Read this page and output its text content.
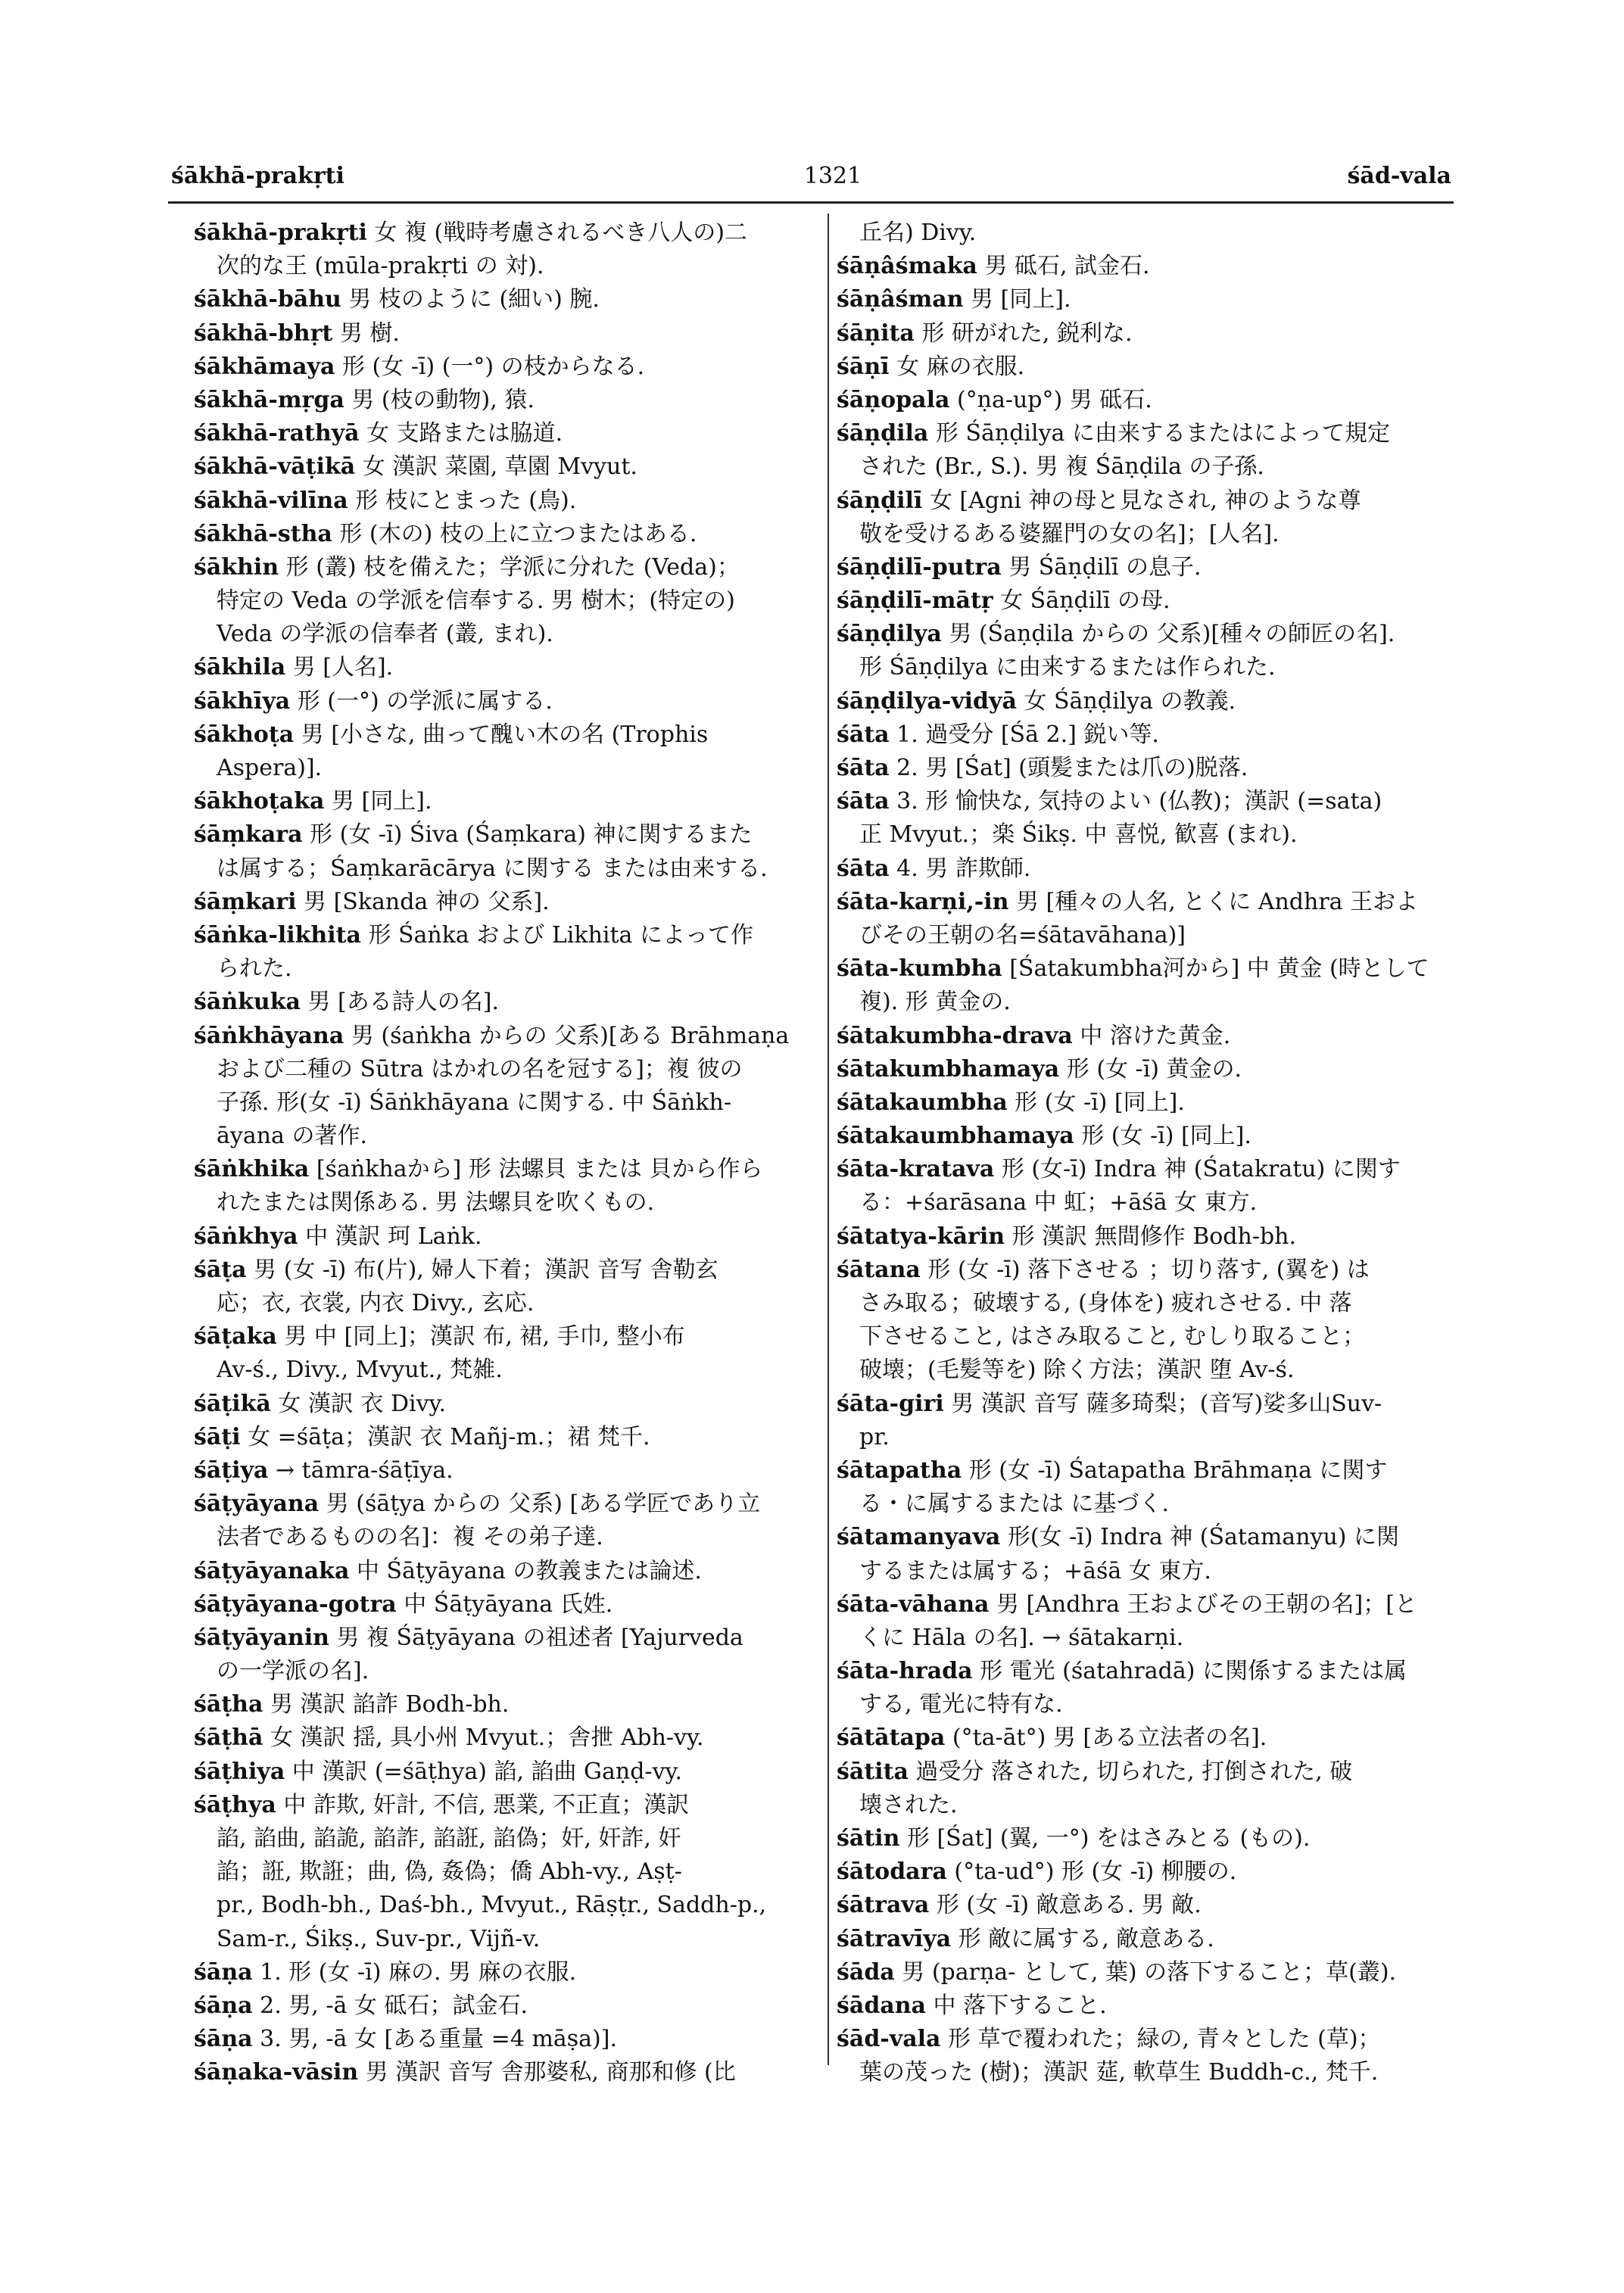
śākhā-prakṛti	1321	śād-vala
śākhā-prakṛti 女 複 (戦時考慮されるべき八人の)二
次的な王 (mūla-prakṛti の 対).
śākhā-bāhu 男 枝のように (細い) 腕.
śākhā-bhṛt 男 樹.
śākhāmaya 形 (女 -ī) (一°) の枝からなる.
śākhā-mṛga 男 (枝の動物), 猿.
śākhā-rathyā 女 支路または脇道.
śākhā-vāṭikā 女 漢訳 菜園, 草園 Mvyut.
śākhā-vilīna 形 枝にとまった (鳥).
śākhā-stha 形 (木の) 枝の上に立つまたはある.
śākhin 形 (叢) 枝を備えた；学派に分れた (Veda)；
特定の Veda の学派を信奉する. 男 樹木；(特定の)
Veda の学派の信奉者 (叢, まれ).
śākhila 男 [人名].
śākhīya 形 (一°) の学派に属する.
śākhoṭa 男 [小さな, 曲って醜い木の名 (Trophis
Aspera)].
śākhoṭaka 男 [同上].
śāṃkara 形 (女 -ī) Śiva (Śaṃkara) 神に関するまた
は属する；Śaṃkarācārya に関する または由来する.
śāṃkari 男 [Skanda 神の 父系].
śāṅka-likhita 形 Śaṅka および Likhita によって作
られた.
śāṅkuka 男 [ある詩人の名].
śāṅkhāyana 男 (śaṅkha からの 父系)[ある Brāhmaṇa
および二種の Sūtra はかれの名を冠する]；複 彼の
子孫. 形(女 -ī) Śāṅkhāyana に関する. 中 Śāṅkh-
āyana の著作.
śāṅkhika [śaṅkhaから] 形 法螺貝 または 貝から作ら
れたまたは関係ある. 男 法螺貝を吹くもの.
śāṅkhya 中 漢訳 珂 Laṅk.
śāṭa 男 (女 -ī) 布(片), 婦人下着；漢訳 音写 舎勒玄
応；衣, 衣裳, 内衣 Divy., 玄応.
śāṭaka 男 中 [同上]；漢訳 布, 裙, 手巾, 整小布
Av-ś., Divy., Mvyut., 梵雑.
śāṭikā 女 漢訳 衣 Divy.
śāṭi 女 =śāṭa；漢訳 衣 Mañj-m.；裙 梵千.
śāṭiya → tāmra-śāṭīya.
śāṭyāyana 男 (śāṭya からの 父系) [ある学匠であり立
法者であるものの名]：複 その弟子達.
śāṭyāyanaka 中 Śāṭyāyana の教義または論述.
śāṭyāyana-gotra 中 Śāṭyāyana 氏姓.
śāṭyāyanin 男 複 Śāṭyāyana の祖述者 [Yajurveda
の一学派の名].
śāṭha 男 漢訳 諂詐 Bodh-bh.
śāṭhā 女 漢訳 揺, 具小州 Mvyut.；舎抴 Abh-vy.
śāṭhiya 中 漢訳 (=śāṭhya) 諂, 諂曲 Gaṇḍ-vy.
śāṭhya 中 詐欺, 奸計, 不信, 悪業, 不正直；漢訳
諂, 諂曲, 諂詭, 諂詐, 諂誑, 諂偽；奸, 奸詐, 奸
諂；誑, 欺誑；曲, 偽, 姦偽；僑 Abh-vy., Aṣṭ-
pr., Bodh-bh., Daś-bh., Mvyut., Rāṣṭr., Saddh-p.,
Sam-r., Śikṣ., Suv-pr., Vijñ-v.
śāṇa 1. 形 (女 -ī) 麻の. 男 麻の衣服.
śāṇa 2. 男, -ā 女 砥石；試金石.
śāṇa 3. 男, -ā 女 [ある重量 =4 māṣa)].
śāṇaka-vāsin 男 漢訳 音写 舎那婆私, 商那和修 (比
丘名) Divy.
śāṇâśmaka 男 砥石, 試金石.
śāṇâśman 男 [同上].
śāṇita 形 研がれた, 鋭利な.
śāṇī 女 麻の衣服.
śāṇopala (°ṇa-up°) 男 砥石.
śāṇḍila 形 Śāṇḍilya に由来するまたはによって規定
された (Br., S.). 男 複 Śāṇḍila の子孫.
śāṇḍilī 女 [Agni 神の母と見なされ, 神のような尊
敬を受けるある婆羅門の女の名]；[人名].
śāṇḍilī-putra 男 Śāṇḍilī の息子.
śāṇḍilī-mātṛ 女 Śāṇḍilī の母.
śāṇḍilya 男 (Śaṇḍila からの 父系)[種々の師匠の名].
形 Śāṇḍilya に由来するまたは作られた.
śāṇḍilya-vidyā 女 Śāṇḍilya の教義.
śāta 1. 過受分 [Śā 2.] 鋭い等.
śāta 2. 男 [Śat] (頭髪または爪の)脱落.
śāta 3. 形 愉快な, 気持のよい (仏教)；漢訳 (=sata)
正 Mvyut.；楽 Śikṣ. 中 喜悦, 歓喜 (まれ).
śāta 4. 男 詐欺師.
śāta-karṇi,-in 男 [種々の人名, とくに Andhra 王およ
びその王朝の名=śātavāhana)]
śāta-kumbha [Śatakumbha河から] 中 黄金 (時として
複). 形 黄金の.
śātakumbha-drava 中 溶けた黄金.
śātakumbhamaya 形 (女 -ī) 黄金の.
śātakaumbha 形 (女 -ī) [同上].
śātakaumbhamaya 形 (女 -ī) [同上].
śāta-kratava 形 (女-ī) Indra 神 (Śatakratu) に関す
る：+śarāsana 中 虹；+āśā 女 東方.
śātatya-kārin 形 漢訳 無間修作 Bodh-bh.
śātana 形 (女 -ī) 落下させる ；切り落す, (翼を) は
さみ取る；破壊する, (身体を) 疲れさせる. 中 落
下させること, はさみ取ること, むしり取ること；
破壊；(毛髪等を) 除く方法；漢訳 堕 Av-ś.
śāta-giri 男 漢訳 音写 薩多琦梨；(音写)娑多山Suv-
pr.
śātapatha 形 (女 -ī) Śatapatha Brāhmaṇa に関す
る・に属するまたは に基づく.
śātamanyava 形(女 -ī) Indra 神 (Śatamanyu) に関
するまたは属する；+āśā 女 東方.
śāta-vāhana 男 [Andhra 王およびその王朝の名]；[と
くに Hāla の名]. → śātakarṇi.
śāta-hrada 形 電光 (śatahradā) に関係するまたは属
する, 電光に特有な.
śātātapa (°ta-āt°) 男 [ある立法者の名].
śātita 過受分 落された, 切られた, 打倒された, 破
壊された.
śātin 形 [Śat] (翼, 一°) をはさみとる (もの).
śātodara (°ta-ud°) 形 (女 -ī) 柳腰の.
śātrava 形 (女 -ī) 敵意ある. 男 敵.
śātravīya 形 敵に属する, 敵意ある.
śāda 男 (parṇa- として, 葉) の落下すること；草(叢).
śādana 中 落下すること.
śād-vala 形 草で覆われた；緑の, 青々とした (草)；
葉の茂った (樹)；漢訳 莚, 軟草生 Buddh-c., 梵千.
